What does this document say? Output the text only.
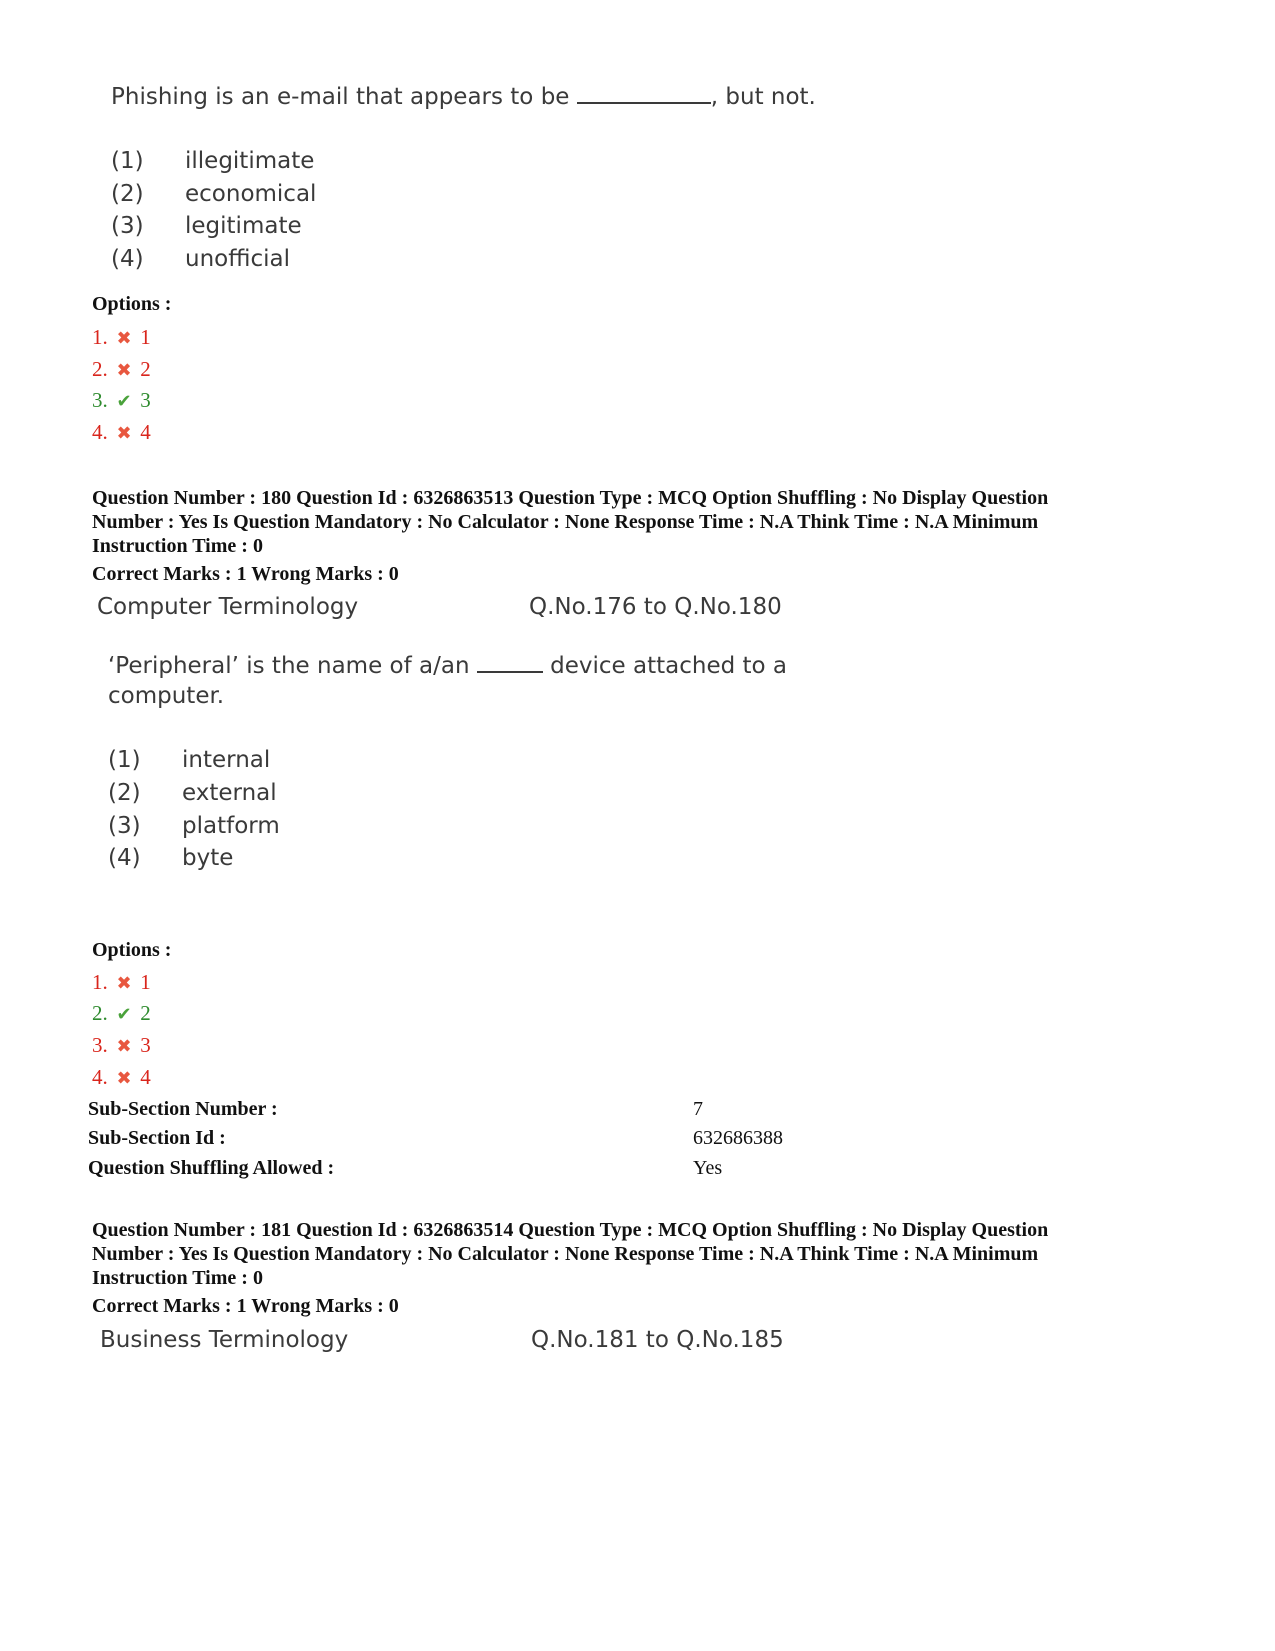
Phishing is an e-mail that appears to be	, but not.
(1) illegitimate
(2) economical
(3) legitimate
(4) unofficial
Options :
1. ✖ 1
2. ✖ 2
3. ✔ 3
4. ✖ 4
Question Number : 180 Question Id : 6326863513 Question Type : MCQ Option Shuffling : No Display Question
Number : Yes Is Question Mandatory : No Calculator : None Response Time : N.A Think Time : N.A Minimum
Instruction Time : 0
Correct Marks : 1 Wrong Marks : 0
Computer Terminology	Q.No.176 to Q.No.180
‘Peripheral’ is the name of a/an	device attached to a
computer.
(1) internal
(2) external
(3) platform
(4) byte
Options :
1. ✖ 1
2. ✔ 2
3. ✖ 3
4. ✖ 4
Sub-Section Number :	7
Sub-Section Id :	632686388
Question Shuffling Allowed :	Yes
Question Number : 181 Question Id : 6326863514 Question Type : MCQ Option Shuffling : No Display Question
Number : Yes Is Question Mandatory : No Calculator : None Response Time : N.A Think Time : N.A Minimum
Instruction Time : 0
Correct Marks : 1 Wrong Marks : 0
Business Terminology	Q.No.181 to Q.No.185
